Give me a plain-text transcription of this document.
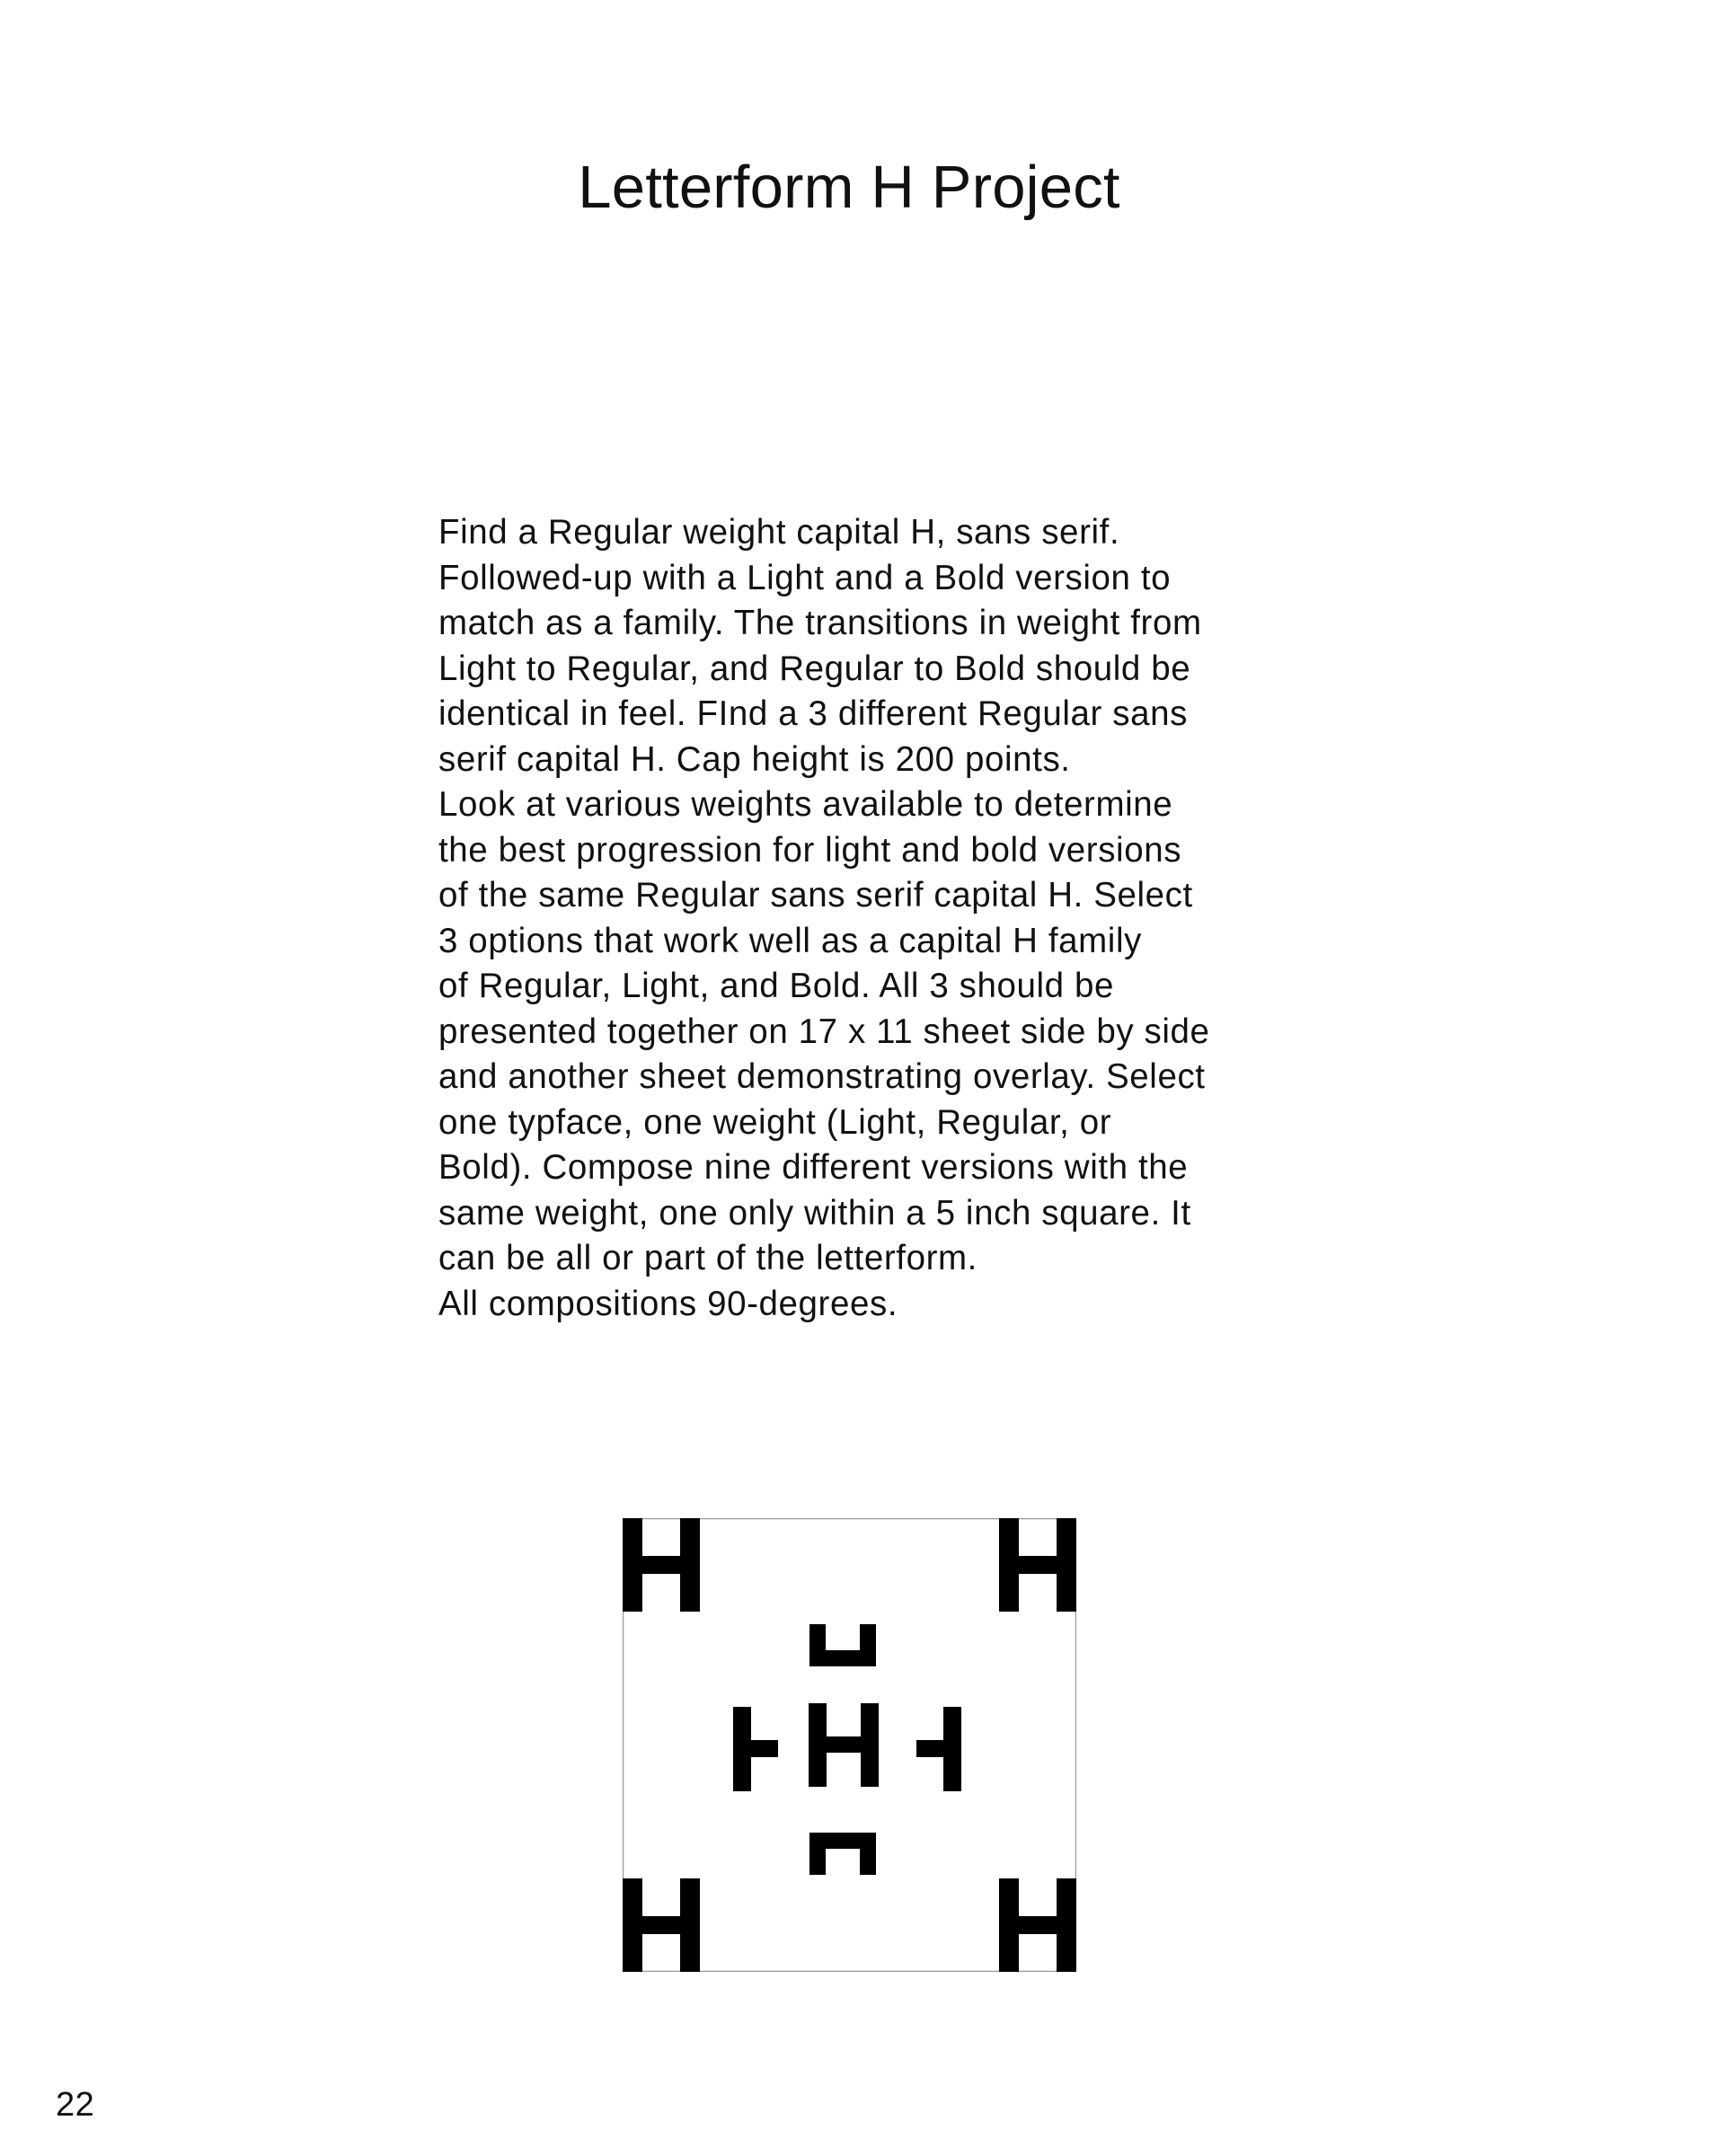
Letterform H Project
Find a Regular weight capital H, sans serif.
Followed-up with a Light and a Bold version to
match as a family. The transitions in weight from
Light to Regular, and Regular to Bold should be
identical in feel. FInd a 3 different Regular sans
serif capital H. Cap height is 200 points.
Look at various weights available to determine
the best progression for light and bold versions
of the same Regular sans serif capital H. Select
3 options that work well as a capital H family
of Regular, Light, and Bold. All 3 should be
presented together on 17 x 11 sheet side by side
and another sheet demonstrating overlay. Select
one typface, one weight (Light, Regular, or
Bold). Compose nine different versions with the
same weight, one only within a 5 inch square. It
can be all or part of the letterform.
All compositions 90-degrees.
22
